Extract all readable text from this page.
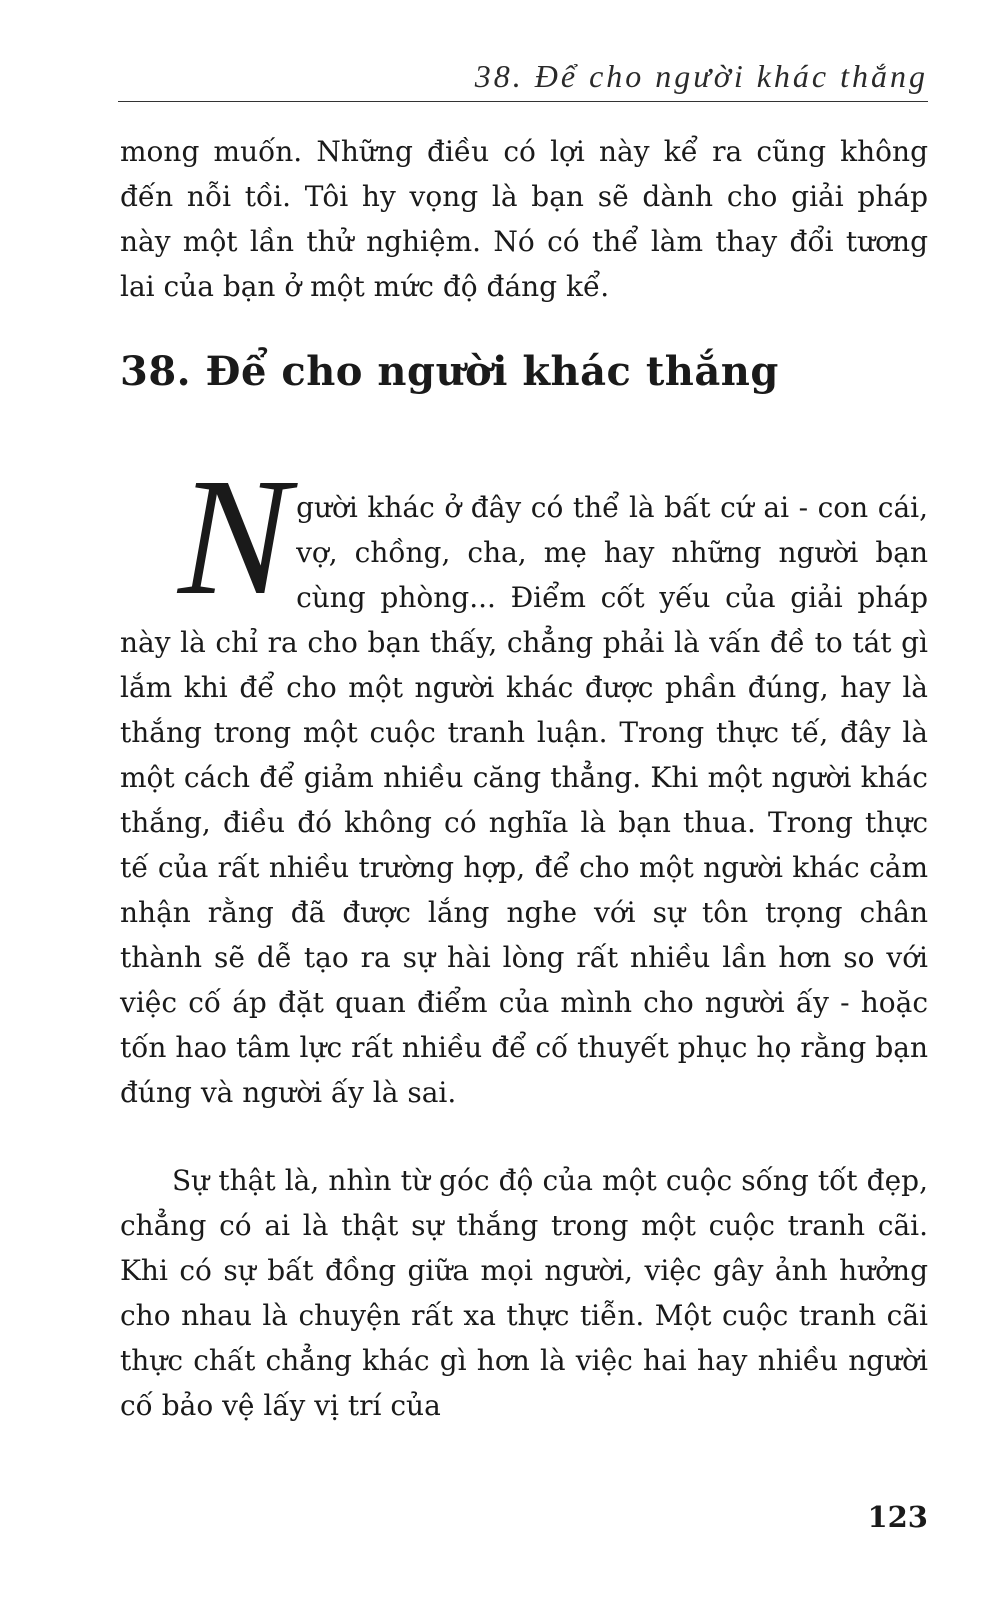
38. Để cho người khác thắng

mong muốn. Những điều có lợi này kể ra cũng không đến nỗi tồi. Tôi hy vọng là bạn sẽ dành cho giải pháp này một lần thử nghiệm. Nó có thể làm thay đổi tương lai của bạn ở một mức độ đáng kể.

38. Để cho người khác thắng

Người khác ở đây có thể là bất cứ ai - con cái, vợ, chồng, cha, mẹ hay những người bạn cùng phòng... Điểm cốt yếu của giải pháp này là chỉ ra cho bạn thấy, chẳng phải là vấn đề to tát gì lắm khi để cho một người khác được phần đúng, hay là thắng trong một cuộc tranh luận. Trong thực tế, đây là một cách để giảm nhiều căng thẳng. Khi một người khác thắng, điều đó không có nghĩa là bạn thua. Trong thực tế của rất nhiều trường hợp, để cho một người khác cảm nhận rằng đã được lắng nghe với sự tôn trọng chân thành sẽ dễ tạo ra sự hài lòng rất nhiều lần hơn so với việc cố áp đặt quan điểm của mình cho người ấy - hoặc tốn hao tâm lực rất nhiều để cố thuyết phục họ rằng bạn đúng và người ấy là sai.

Sự thật là, nhìn từ góc độ của một cuộc sống tốt đẹp, chẳng có ai là thật sự thắng trong một cuộc tranh cãi. Khi có sự bất đồng giữa mọi người, việc gây ảnh hưởng cho nhau là chuyện rất xa thực tiễn. Một cuộc tranh cãi thực chất chẳng khác gì hơn là việc hai hay nhiều người cố bảo vệ lấy vị trí của

123
